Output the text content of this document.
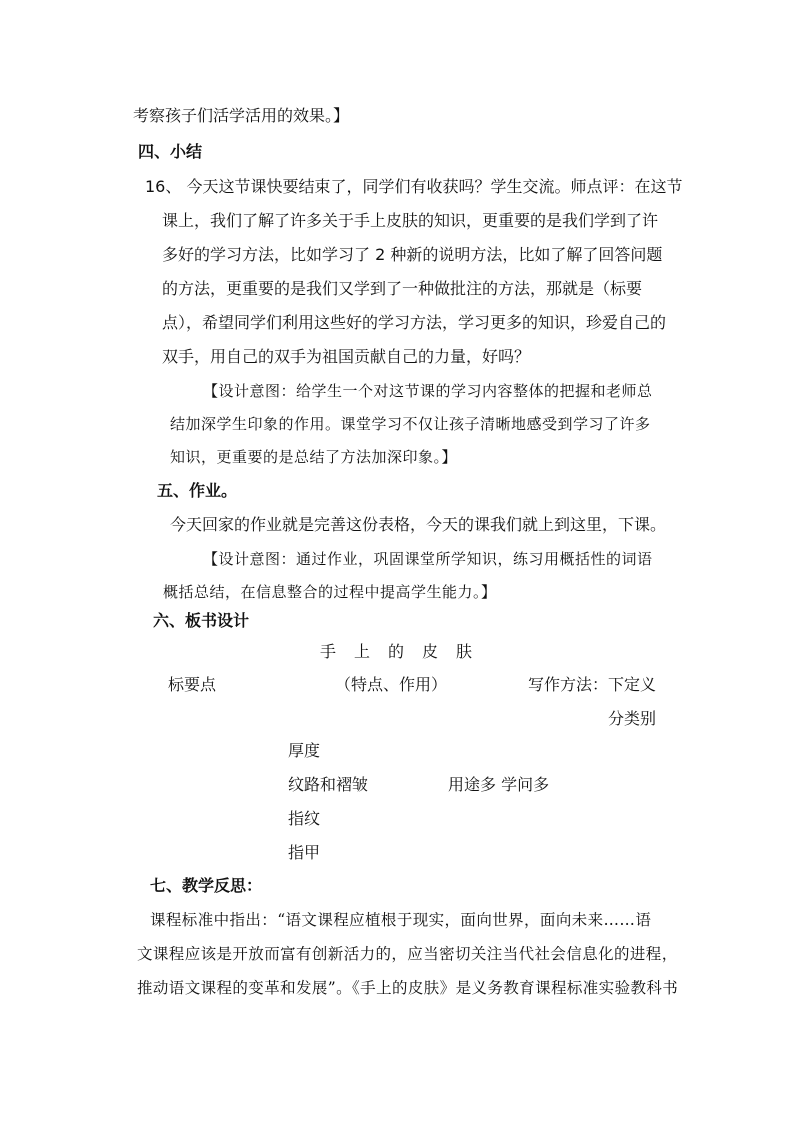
考察孩子们活学活用的效果。】
四、小结
16、 今天这节课快要结束了，同学们有收获吗？学生交流。师点评：在这节
课上，我们了解了许多关于手上皮肤的知识，更重要的是我们学到了许
多好的学习方法，比如学习了 2 种新的说明方法，比如了解了回答问题
的方法，更重要的是我们又学到了一种做批注的方法，那就是（标要
点），希望同学们利用这些好的学习方法，学习更多的知识，珍爱自己的
双手，用自己的双手为祖国贡献自己的力量，好吗？
【设计意图：给学生一个对这节课的学习内容整体的把握和老师总
结加深学生印象的作用。课堂学习不仅让孩子清晰地感受到学习了许多
知识，更重要的是总结了方法加深印象。】
五、作业。
今天回家的作业就是完善这份表格，今天的课我们就上到这里，下课。
【设计意图：通过作业，巩固课堂所学知识，练习用概括性的词语
概括总结，在信息整合的过程中提高学生能力。】
六、板书设计
手上的皮肤
标要点	（特点、作用）	写作方法：下定义
分类别
厚度
纹路和褶皱	用途多 学问多
指纹
指甲
七、教学反思：
课程标准中指出：“语文课程应植根于现实，面向世界，面向未来……语
文课程应该是开放而富有创新活力的，应当密切关注当代社会信息化的进程，
推动语文课程的变革和发展”。《手上的皮肤》是义务教育课程标准实验教科书
